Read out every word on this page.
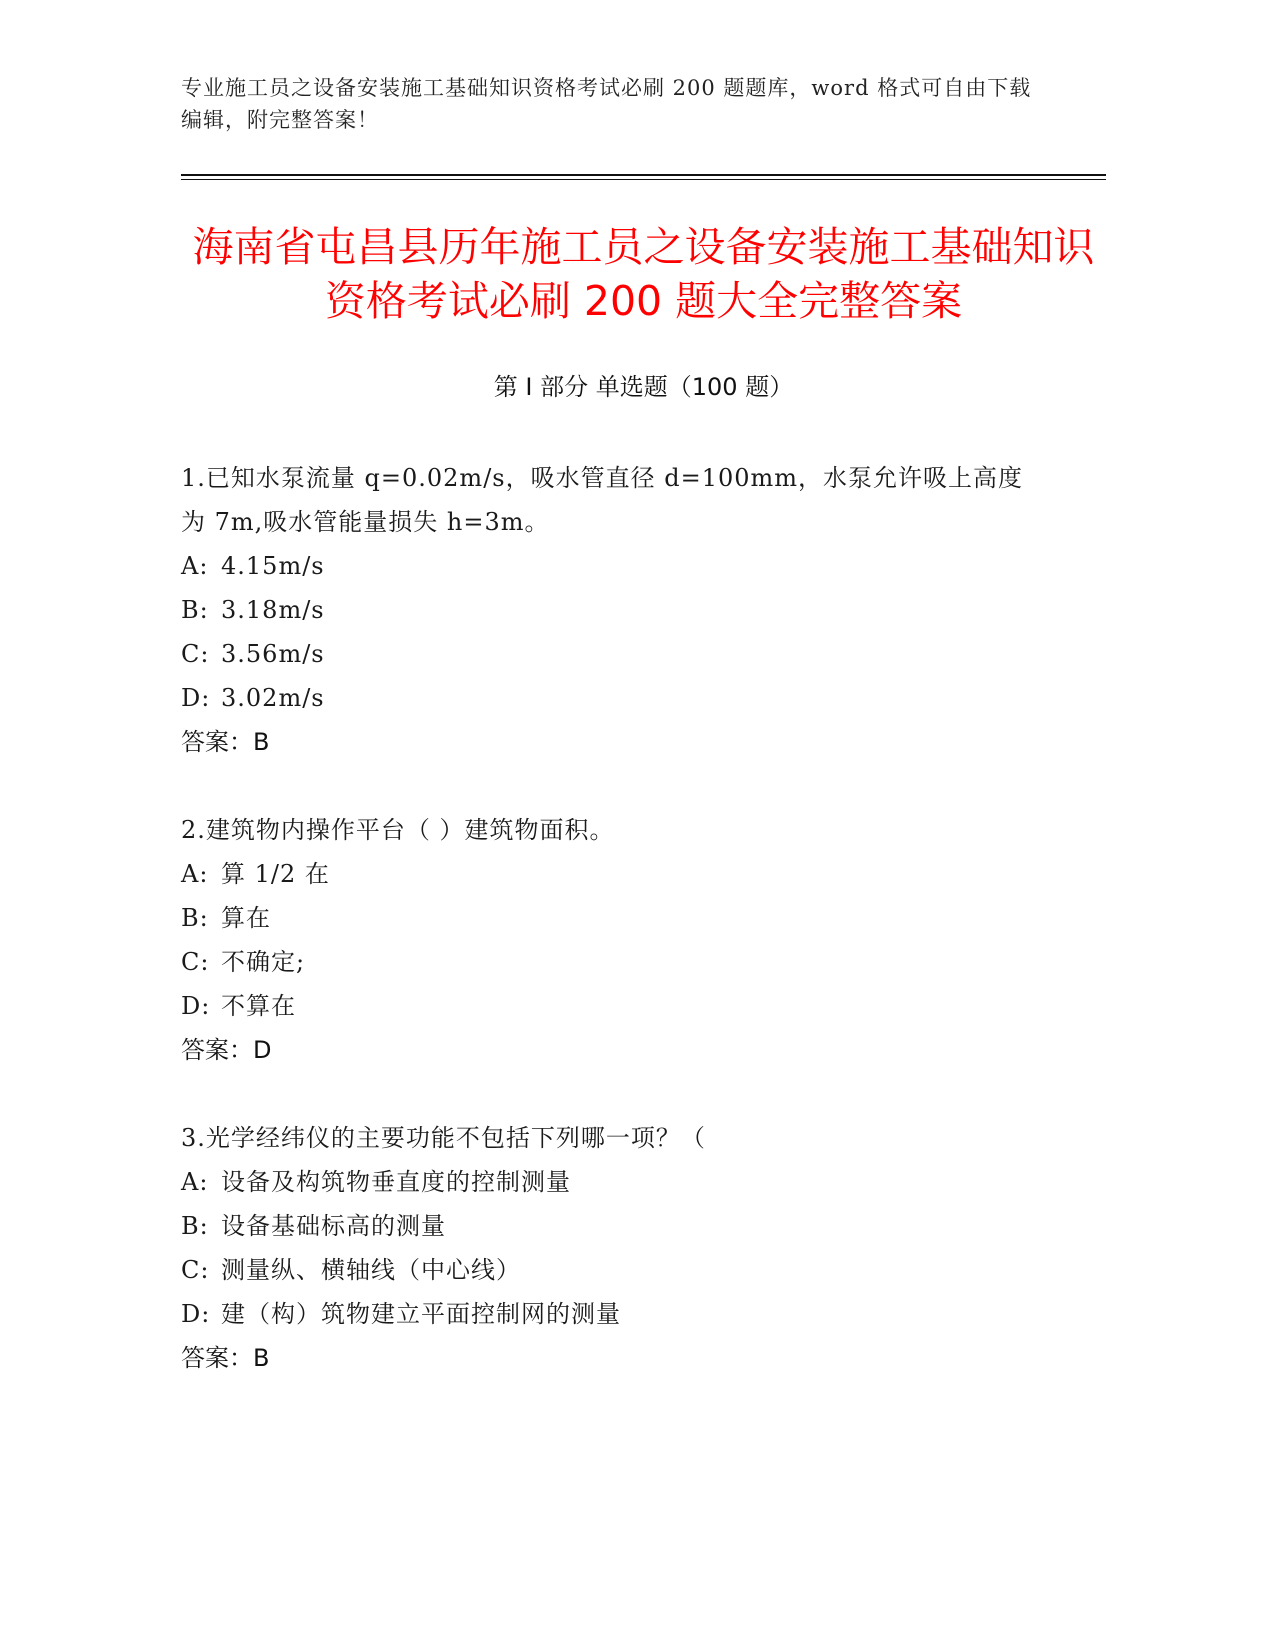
专业施工员之设备安装施工基础知识资格考试必刷 200 题题库，word 格式可自由下载编辑，附完整答案！
海南省屯昌县历年施工员之设备安装施工基础知识资格考试必刷 200 题大全完整答案
第 I 部分 单选题（100 题）
1.已知水泵流量 q=0.02m/s，吸水管直径 d=100mm，水泵允许吸上高度为 7m,吸水管能量损失 h=3m。
A: 4.15m/s
B: 3.18m/s
C: 3.56m/s
D: 3.02m/s
答案：B
2.建筑物内操作平台（ ）建筑物面积。
A: 算 1/2 在
B: 算在
C: 不确定;
D: 不算在
答案：D
3.光学经纬仪的主要功能不包括下列哪一项？（
A: 设备及构筑物垂直度的控制测量
B: 设备基础标高的测量
C: 测量纵、横轴线（中心线）
D: 建（构）筑物建立平面控制网的测量
答案：B
